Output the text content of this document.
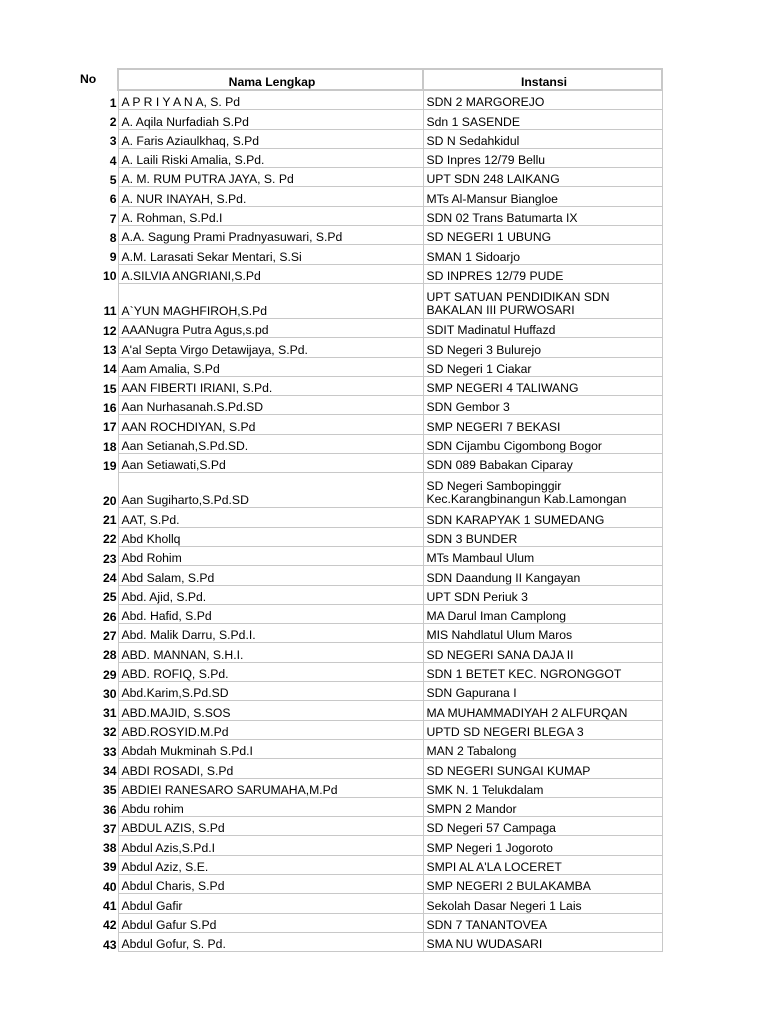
No	Nama Lengkap	Instansi
1	A P R I Y A N A, S. Pd	SDN 2 MARGOREJO
2	A. Aqila Nurfadiah S.Pd	Sdn 1 SASENDE
3	A. Faris Aziaulkhaq, S.Pd	SD N Sedahkidul
4	A. Laili Riski Amalia, S.Pd.	SD Inpres 12/79 Bellu
5	A. M. RUM PUTRA JAYA, S. Pd	UPT SDN 248 LAIKANG
6	A. NUR INAYAH, S.Pd.	MTs Al-Mansur Biangloe
7	A. Rohman, S.Pd.I	SDN 02 Trans Batumarta IX
8	A.A. Sagung Prami Pradnyasuwari, S.Pd	SD NEGERI 1 UBUNG
9	A.M. Larasati Sekar Mentari, S.Si	SMAN 1 Sidoarjo
10	A.SILVIA ANGRIANI,S.Pd	SD INPRES 12/79 PUDE
11	A`YUN MAGHFIROH,S.Pd	UPT SATUAN PENDIDIKAN SDN BAKALAN III PURWOSARI
12	AAANugra Putra Agus,s.pd	SDIT Madinatul Huffazd
13	A'al Septa Virgo Detawijaya, S.Pd.	SD Negeri 3 Bulurejo
14	Aam Amalia, S.Pd	SD Negeri 1 Ciakar
15	AAN FIBERTI IRIANI, S.Pd.	SMP NEGERI 4 TALIWANG
16	Aan Nurhasanah.S.Pd.SD	SDN Gembor 3
17	AAN ROCHDIYAN, S.Pd	SMP NEGERI 7 BEKASI
18	Aan Setianah,S.Pd.SD.	SDN Cijambu Cigombong Bogor
19	Aan Setiawati,S.Pd	SDN 089 Babakan Ciparay
20	Aan Sugiharto,S.Pd.SD	SD Negeri Sambopinggir Kec.Karangbinangun Kab.Lamongan
21	AAT, S.Pd.	SDN KARAPYAK 1 SUMEDANG
22	Abd Khollq	SDN 3 BUNDER
23	Abd Rohim	MTs Mambaul Ulum
24	Abd Salam, S.Pd	SDN Daandung II Kangayan
25	Abd. Ajid, S.Pd.	UPT SDN Periuk 3
26	Abd. Hafid, S.Pd	MA Darul Iman Camplong
27	Abd. Malik Darru, S.Pd.I.	MIS Nahdlatul Ulum Maros
28	ABD. MANNAN, S.H.I.	SD NEGERI SANA DAJA II
29	ABD. ROFIQ, S.Pd.	SDN 1 BETET KEC. NGRONGGOT
30	Abd.Karim,S.Pd.SD	SDN Gapurana I
31	ABD.MAJID, S.SOS	MA MUHAMMADIYAH 2 ALFURQAN
32	ABD.ROSYID.M.Pd	UPTD SD NEGERI BLEGA 3
33	Abdah Mukminah S.Pd.I	MAN 2 Tabalong
34	ABDI ROSADI, S.Pd	SD NEGERI SUNGAI KUMAP
35	ABDIEI RANESARO SARUMAHA,M.Pd	SMK N. 1 Telukdalam
36	Abdu rohim	SMPN 2 Mandor
37	ABDUL AZIS, S.Pd	SD Negeri 57 Campaga
38	Abdul Azis,S.Pd.I	SMP Negeri 1 Jogoroto
39	Abdul Aziz, S.E.	SMPI AL A'LA LOCERET
40	Abdul Charis, S.Pd	SMP NEGERI 2 BULAKAMBA
41	Abdul Gafir	Sekolah Dasar Negeri 1 Lais
42	Abdul Gafur S.Pd	SDN 7 TANANTOVEA
43	Abdul Gofur, S. Pd.	SMA NU WUDASARI
